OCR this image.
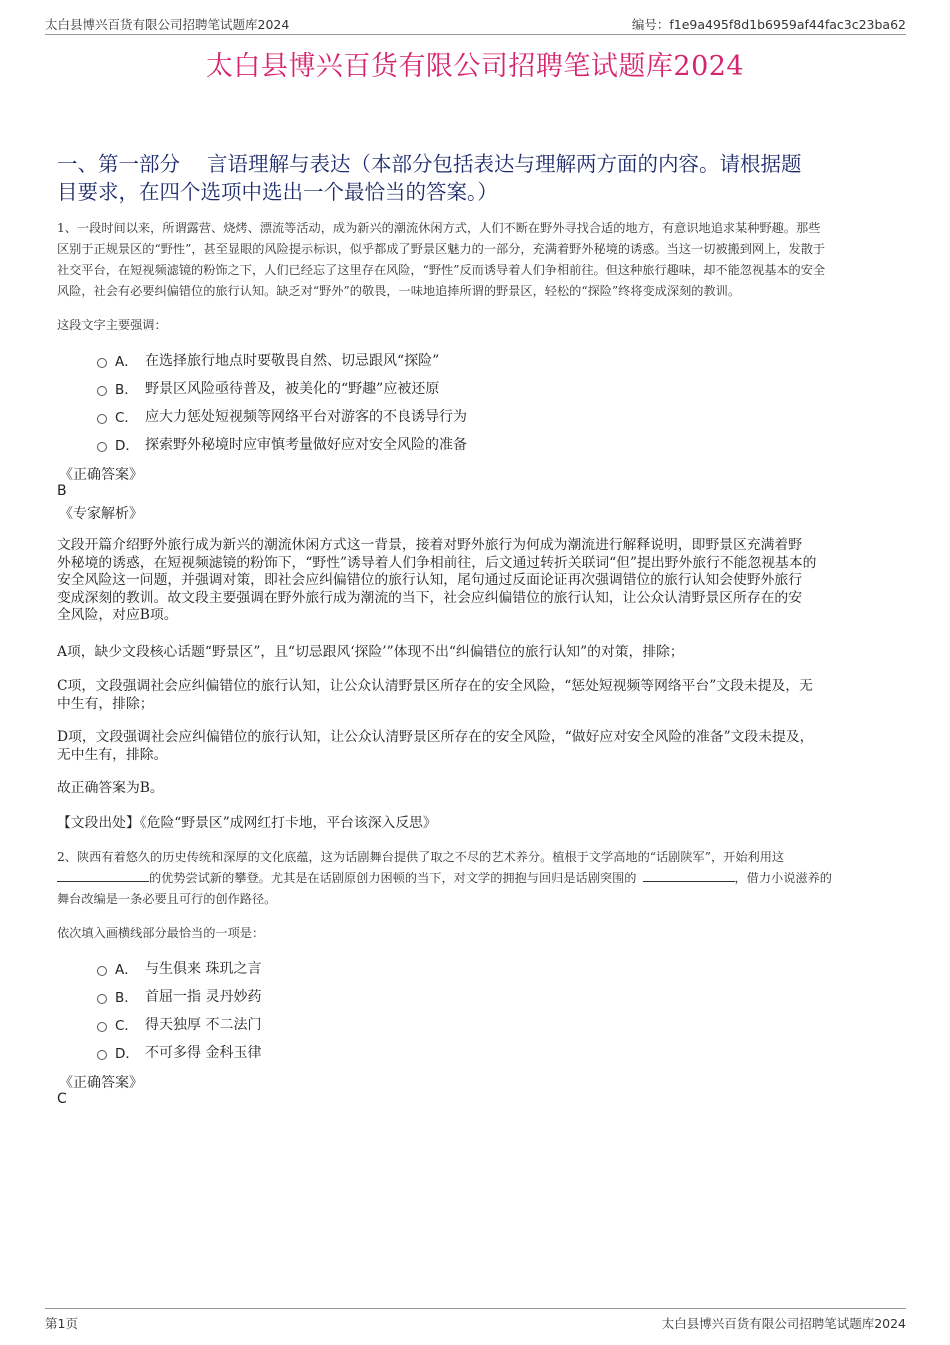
太白县博兴百货有限公司招聘笔试题库2024	编号：f1e9a495f8d1b6959af44fac3c23ba62
太白县博兴百货有限公司招聘笔试题库2024
一、第一部分　 言语理解与表达（本部分包括表达与理解两方面的内容。请根据题
目要求，在四个选项中选出一个最恰当的答案。）
1、一段时间以来，所谓露营、烧烤、漂流等活动，成为新兴的潮流休闲方式，人们不断在野外寻找合适的地方，有意识地追求某种野趣。那些
区别于正规景区的“野性”，甚至显眼的风险提示标识，似乎都成了野景区魅力的一部分，充满着野外秘境的诱惑。当这一切被搬到网上，发散于
社交平台，在短视频滤镜的粉饰之下，人们已经忘了这里存在风险，“野性”反而诱导着人们争相前往。但这种旅行趣味，却不能忽视基本的安全
风险，社会有必要纠偏错位的旅行认知。缺乏对“野外”的敬畏，一味地追捧所谓的野景区，轻松的“探险”终将变成深刻的教训。
这段文字主要强调：
A． 在选择旅行地点时要敬畏自然、切忌跟风“探险”
B． 野景区风险亟待普及，被美化的“野趣”应被还原
C． 应大力惩处短视频等网络平台对游客的不良诱导行为
D． 探索野外秘境时应审慎考量做好应对安全风险的准备
《正确答案》
B
《专家解析》
文段开篇介绍野外旅行成为新兴的潮流休闲方式这一背景，接着对野外旅行为何成为潮流进行解释说明，即野景区充满着野
外秘境的诱惑，在短视频滤镜的粉饰下，“野性”诱导着人们争相前往，后文通过转折关联词“但”提出野外旅行不能忽视基本的
安全风险这一问题，并强调对策，即社会应纠偏错位的旅行认知，尾句通过反面论证再次强调错位的旅行认知会使野外旅行
变成深刻的教训。故文段主要强调在野外旅行成为潮流的当下，社会应纠偏错位的旅行认知，让公众认清野景区所存在的安
全风险，对应B项。
A项，缺少文段核心话题“野景区”，且“切忌跟风‘探险’”体现不出“纠偏错位的旅行认知”的对策，排除；
C项，文段强调社会应纠偏错位的旅行认知，让公众认清野景区所存在的安全风险，“惩处短视频等网络平台”文段未提及，无
中生有，排除；
D项，文段强调社会应纠偏错位的旅行认知，让公众认清野景区所存在的安全风险，“做好应对安全风险的准备”文段未提及，
无中生有，排除。
故正确答案为B。
【文段出处】《危险“野景区”成网红打卡地，平台该深入反思》
2、陕西有着悠久的历史传统和深厚的文化底蕴，这为话剧舞台提供了取之不尽的艺术养分。植根于文学高地的“话剧陕军”，开始利用这
的优势尝试新的攀登。尤其是在话剧原创力困顿的当下，对文学的拥抱与回归是话剧突围的	，借力小说滋养的
舞台改编是一条必要且可行的创作路径。
依次填入画横线部分最恰当的一项是：
A． 与生俱来 珠玑之言
B． 首屈一指 灵丹妙药
C． 得天独厚 不二法门
D． 不可多得 金科玉律
《正确答案》
C
第1页	太白县博兴百货有限公司招聘笔试题库2024
